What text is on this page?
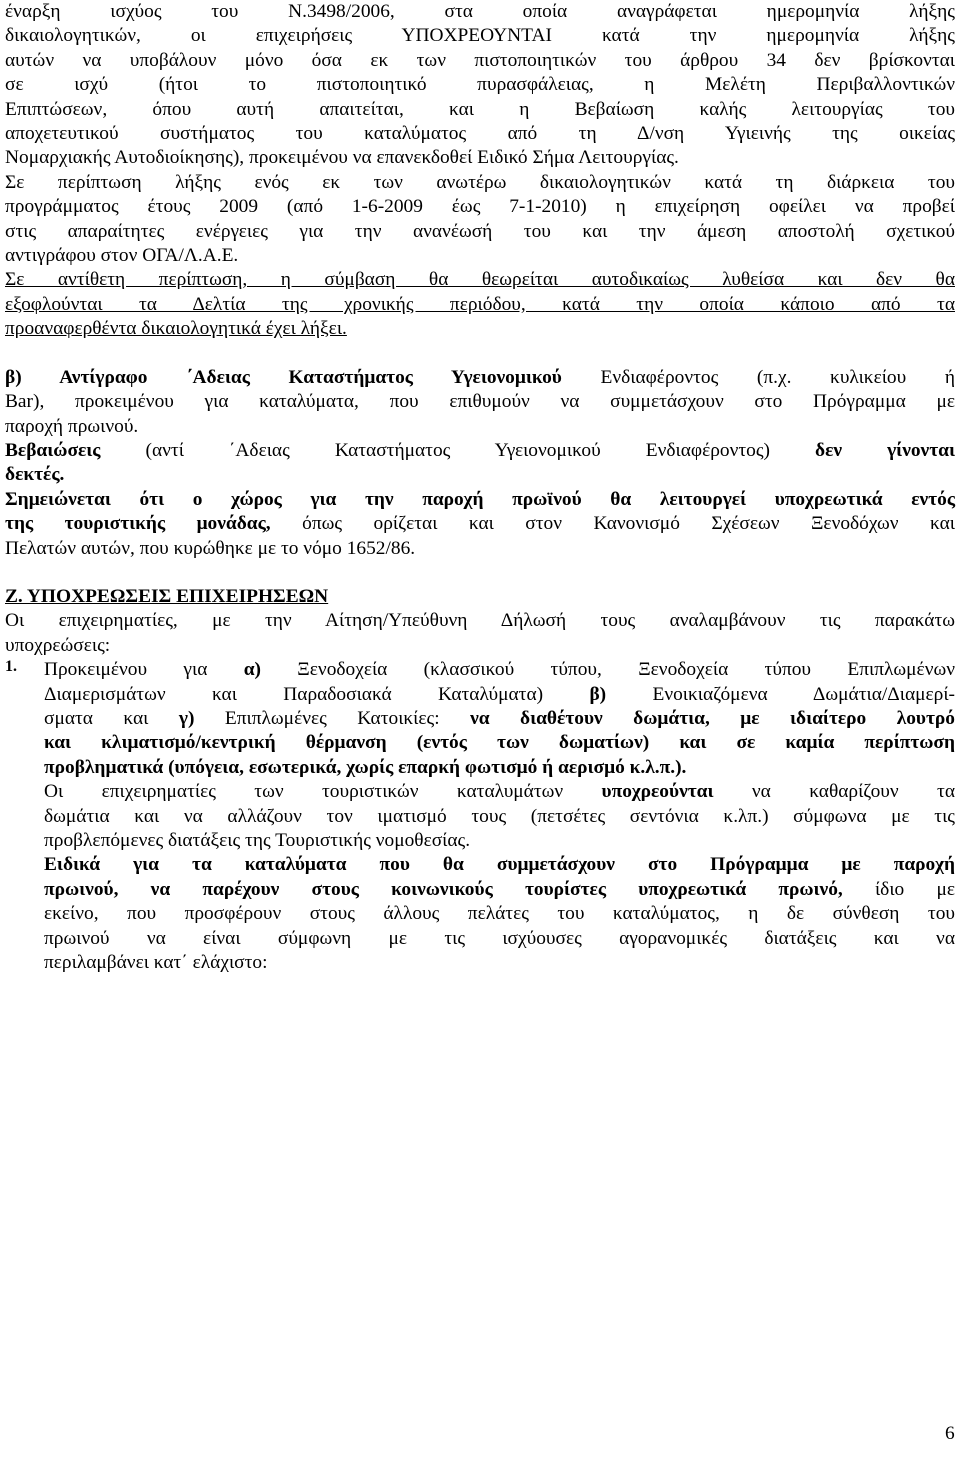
έναρξη ισχύος του Ν.3498/2006, στα οποία αναγράφεται ημερομηνία λήξης

δικαιολογητικών, οι επιχειρήσεις ΥΠΟΧΡΕΟΥΝΤΑΙ κατά την ημερομηνία λήξης

αυτών να υποβάλουν μόνο όσα εκ των πιστοποιητικών του άρθρου 34 δεν βρίσκονται

σε ισχύ (ήτοι το πιστοποιητικό πυρασφάλειας, η Μελέτη Περιβαλλοντικών

Επιπτώσεων, όπου αυτή απαιτείται, και η Βεβαίωση καλής λειτουργίας του

αποχετευτικού συστήματος του καταλύματος από τη Δ/νση Υγιεινής της οικείας

Νομαρχιακής Αυτοδιοίκησης), προκειμένου να επανεκδοθεί Ειδικό Σήμα Λειτουργίας.

Σε περίπτωση λήξης ενός εκ των ανωτέρω δικαιολογητικών κατά τη διάρκεια του

προγράμματος έτους 2009 (από 1-6-2009 έως 7-1-2010) η επιχείρηση οφείλει να προβεί

στις απαραίτητες ενέργειες για την ανανέωσή του και την άμεση αποστολή σχετικού

αντιγράφου στον ΟΓΑ/Λ.Α.Ε.

Σε αντίθετη περίπτωση, η σύμβαση θα θεωρείται αυτοδικαίως λυθείσα και δεν θα

εξοφλούνται τα Δελτία της χρονικής περιόδου, κατά την οποία κάποιο από τα

προαναφερθέντα δικαιολογητικά έχει λήξει.

β) Αντίγραφο ΄Αδειας Καταστήματος Υγειονομικού Ενδιαφέροντος (π.χ. κυλικείου ή

Bar), προκειμένου για καταλύματα, που επιθυμούν να συμμετάσχουν στο Πρόγραμμα με

παροχή πρωινού.

Βεβαιώσεις (αντί ΄Αδειας Καταστήματος Υγειονομικού Ενδιαφέροντος) δεν γίνονται

δεκτές.

Σημειώνεται ότι ο χώρος για την παροχή πρωϊνού θα λειτουργεί υποχρεωτικά εντός

της τουριστικής μονάδας, όπως ορίζεται και στον Κανονισμό Σχέσεων Ξενοδόχων και

Πελατών αυτών, που κυρώθηκε με το νόμο 1652/86.

Ζ. ΥΠΟΧΡΕΩΣΕΙΣ ΕΠΙΧΕΙΡΗΣΕΩΝ

Οι επιχειρηματίες, με την Αίτηση/Υπεύθυνη Δήλωσή τους αναλαμβάνουν τις παρακάτω

υποχρεώσεις:

1. Προκειμένου για α) Ξενοδοχεία (κλασσικού τύπου, Ξενοδοχεία τύπου Επιπλωμένων

Διαμερισμάτων και Παραδοσιακά Καταλύματα) β) Ενοικιαζόμενα Δωμάτια/Διαμερί-

σματα και γ) Επιπλωμένες Κατοικίες: να διαθέτουν δωμάτια, με ιδιαίτερο λουτρό

και κλιματισμό/κεντρική θέρμανση (εντός των δωματίων) και σε καμία περίπτωση

προβληματικά (υπόγεια, εσωτερικά, χωρίς επαρκή φωτισμό ή αερισμό κ.λ.π.).

Οι επιχειρηματίες των τουριστικών καταλυμάτων υποχρεούνται να καθαρίζουν τα

δωμάτια και να αλλάζουν τον ιματισμό τους (πετσέτες σεντόνια κ.λπ.) σύμφωνα με τις

προβλεπόμενες διατάξεις της Τουριστικής νομοθεσίας.

Ειδικά για τα καταλύματα που θα συμμετάσχουν στο Πρόγραμμα με παροχή

πρωινού, να παρέχουν στους κοινωνικούς τουρίστες υποχρεωτικά πρωινό, ίδιο με

εκείνο, που προσφέρουν στους άλλους πελάτες του καταλύματος, η δε σύνθεση του

πρωινού να είναι σύμφωνη με τις ισχύουσες αγορανομικές διατάξεις και να

περιλαμβάνει κατ΄ ελάχιστο:

6
